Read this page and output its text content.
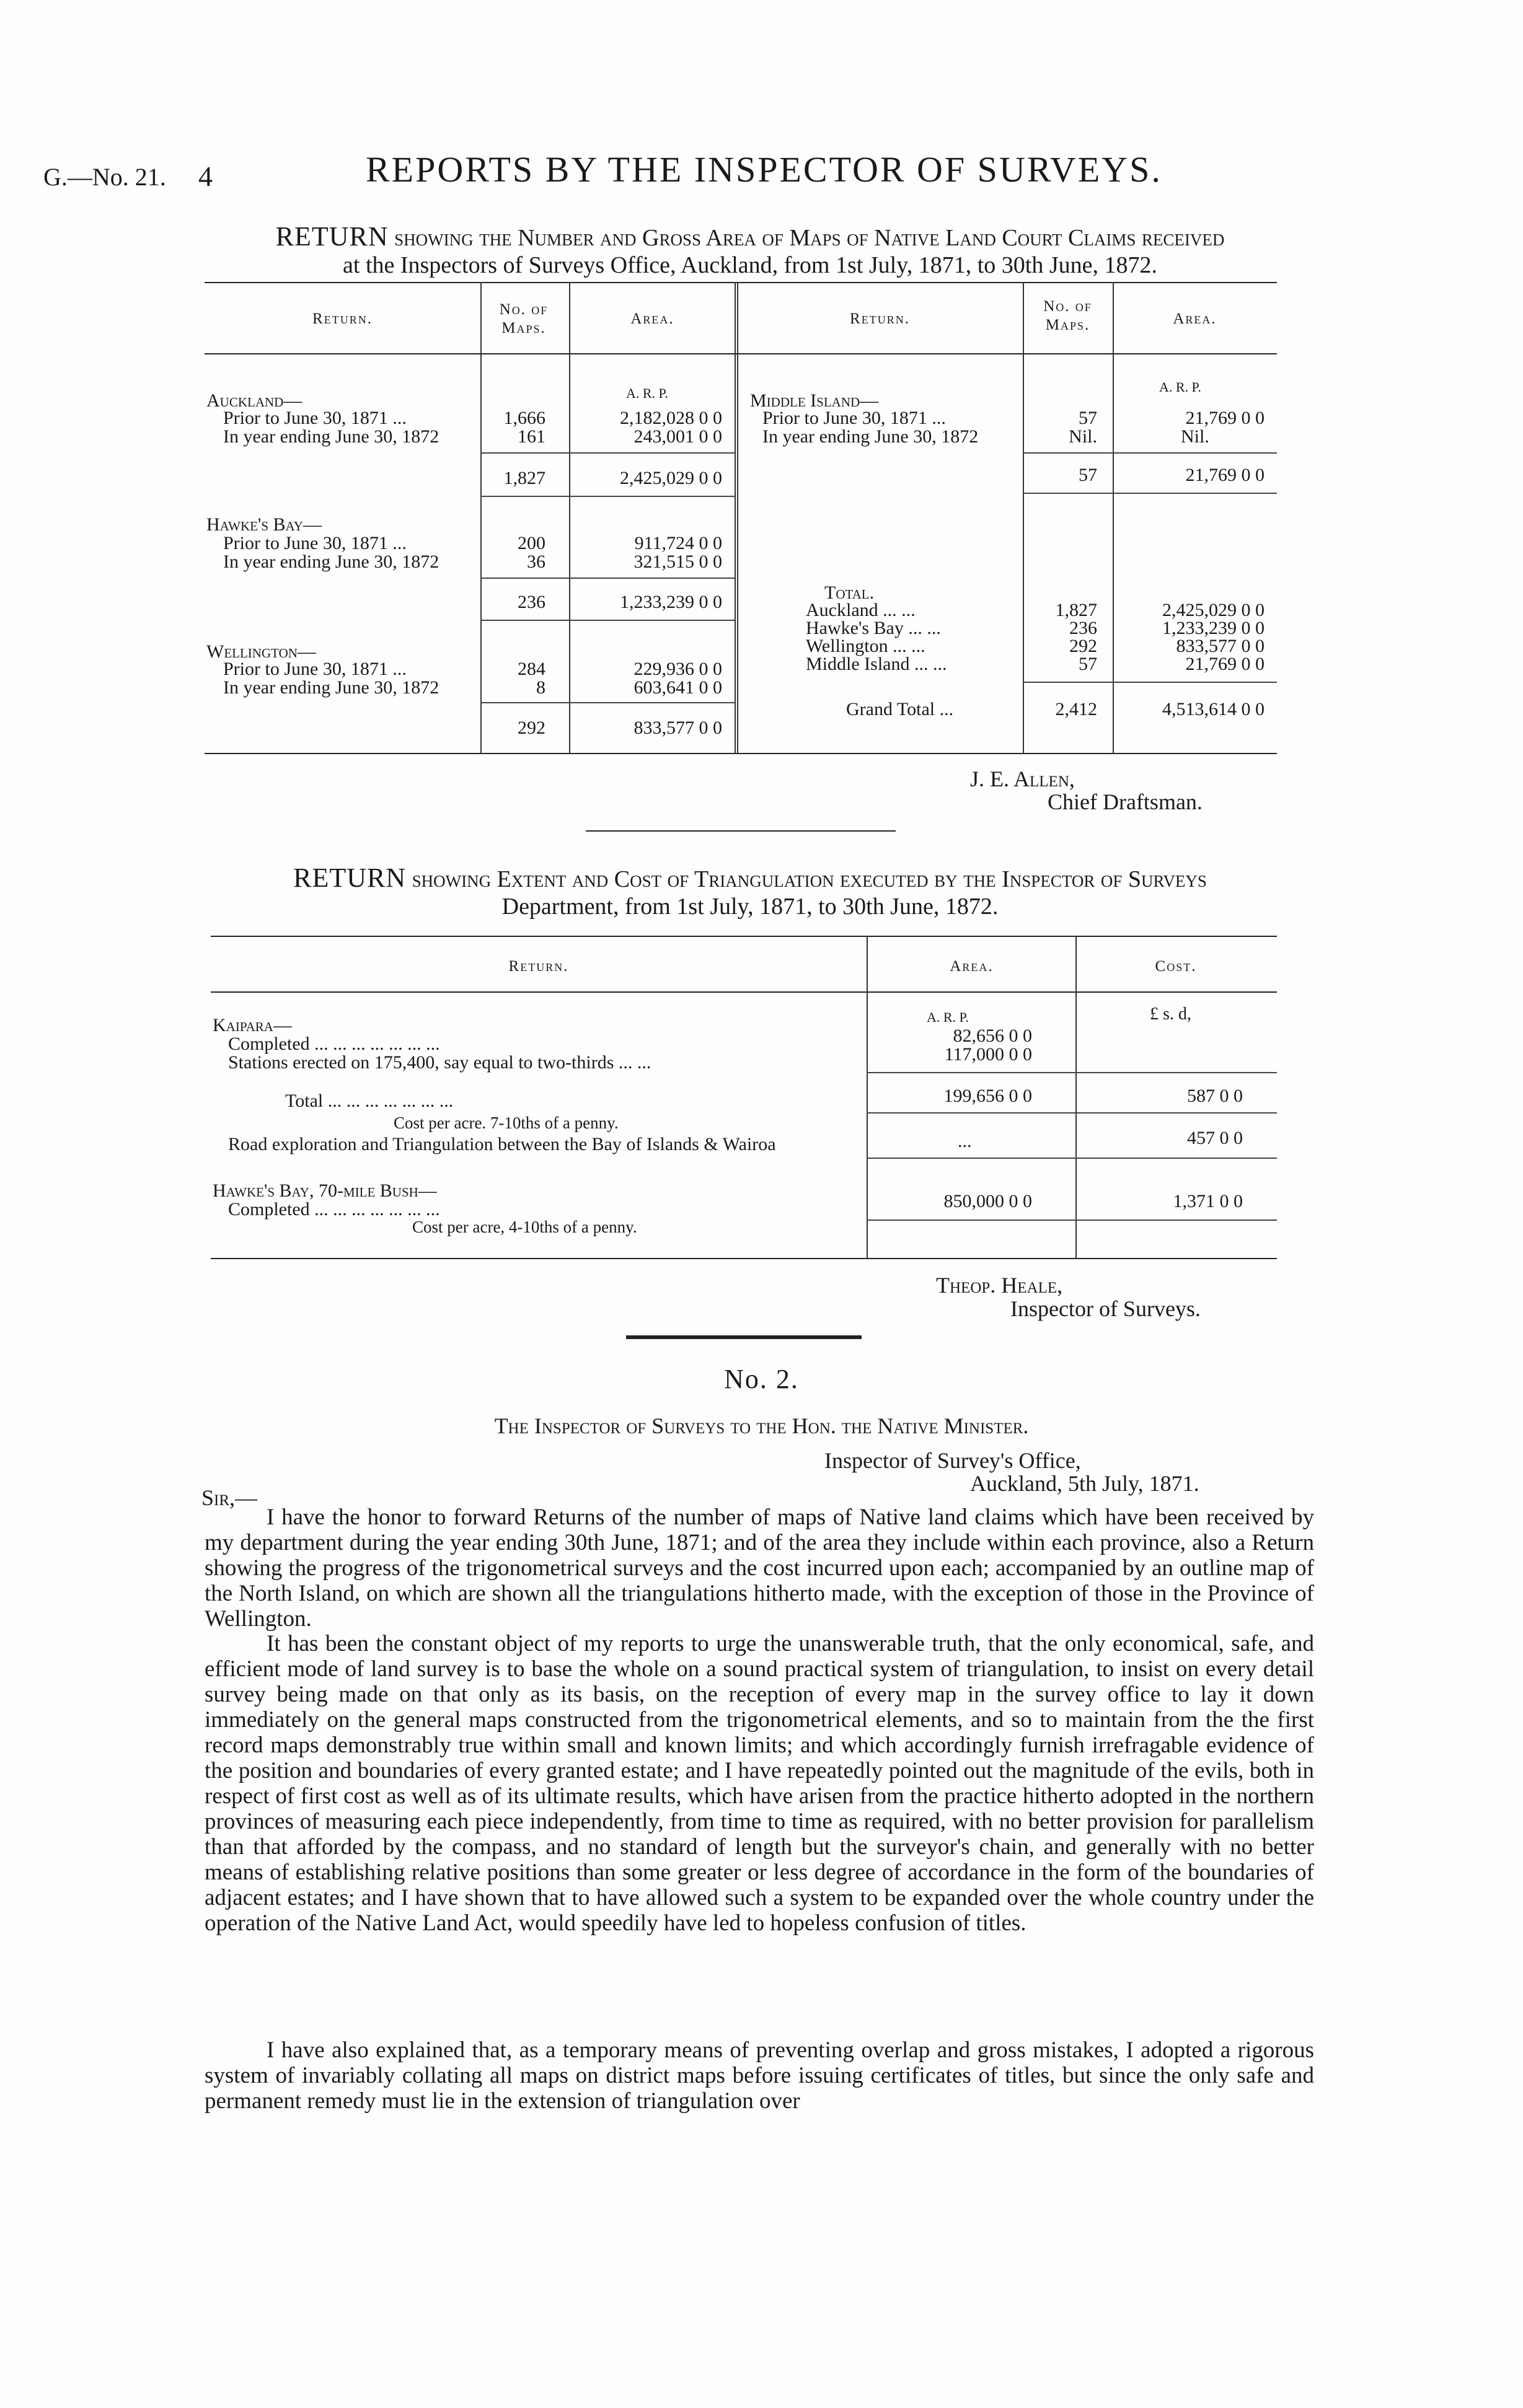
G.—No. 21. 4	REPORTS BY THE INSPECTOR OF SURVEYS.
RETURN showing the Number and Gross Area of Maps of Native Land Court Claims received
at the Inspectors of Surveys Office, Auckland, from 1st July, 1871, to 30th June, 1872.
Return.
No. of Maps.
Area.	Return.
No. of Maps.	Area.
A. R. P.	A. R. P.
Auckland—
Prior to June 30, 1871 ...	1,666	2,182,028 0 0
In year ending June 30, 1872	161	243,001 0 0
1,827	2,425,029 0 0
Hawke's Bay—
Prior to June 30, 1871 ...	200	911,724 0 0
In year ending June 30, 1872	36	321,515 0 0
236	1,233,239 0 0
Wellington—
Prior to June 30, 1871 ...	284	229,936 0 0
In year ending June 30, 1872	8	603,641 0 0
292	833,577 0 0
Middle Island—
Prior to June 30, 1871 ...	57	21,769 0 0
In year ending June 30, 1872	Nil.	Nil.
57	21,769 0 0
Total.
Auckland ... ...	1,827	2,425,029 0 0
Hawke's Bay ... ...	236	1,233,239 0 0
Wellington ... ...	292	833,577 0 0
Middle Island ... ...	57	21,769 0 0
Grand Total ...	2,412	4,513,614 0 0
J. E. Allen,
Chief Draftsman.
RETURN showing Extent and Cost of Triangulation executed by the Inspector of Surveys
Department, from 1st July, 1871, to 30th June, 1872.
Return.	Area.	Cost.
A. R. P.	£ s. d,
Kaipara—
Completed ... ... ... ... ... ... ...	82,656 0 0
Stations erected on 175,400, say equal to two-thirds ... ...	117,000 0 0
Total ... ... ... ... ... ... ...	199,656 0 0	587 0 0
Cost per acre. 7-10ths of a penny.
Road exploration and Triangulation between the Bay of Islands & Wairoa	...	457 0 0
Hawke's Bay, 70-mile Bush—
Completed ... ... ... ... ... ... ...	850,000 0 0	1,371 0 0
Cost per acre, 4-10ths of a penny.
Theop. Heale,
Inspector of Surveys.
No. 2.
The Inspector of Surveys to the Hon. the Native Minister.
Inspector of Survey's Office,
Auckland, 5th July, 1871.
Sir,—
I have the honor to forward Returns of the number of maps of Native land claims which have been received by my department during the year ending 30th June, 1871; and of the area they include within each province, also a Return showing the progress of the trigonometrical surveys and the cost incurred upon each; accompanied by an outline map of the North Island, on which are shown all the triangulations hitherto made, with the exception of those in the Province of Wellington.
It has been the constant object of my reports to urge the unanswerable truth, that the only economical, safe, and efficient mode of land survey is to base the whole on a sound practical system of triangulation, to insist on every detail survey being made on that only as its basis, on the reception of every map in the survey office to lay it down immediately on the general maps constructed from the trigonometrical elements, and so to maintain from the the first record maps demonstrably true within small and known limits; and which accordingly furnish irrefragable evidence of the position and boundaries of every granted estate; and I have repeatedly pointed out the magnitude of the evils, both in respect of first cost as well as of its ultimate results, which have arisen from the practice hitherto adopted in the northern provinces of measuring each piece independently, from time to time as required, with no better provision for parallelism than that afforded by the compass, and no standard of length but the surveyor's chain, and generally with no better means of establishing relative positions than some greater or less degree of accordance in the form of the boundaries of adjacent estates; and I have shown that to have allowed such a system to be expanded over the whole country under the operation of the Native Land Act, would speedily have led to hopeless confusion of titles.
I have also explained that, as a temporary means of preventing overlap and gross mistakes, I adopted a rigorous system of invariably collating all maps on district maps before issuing certificates of titles, but since the only safe and permanent remedy must lie in the extension of triangulation over
